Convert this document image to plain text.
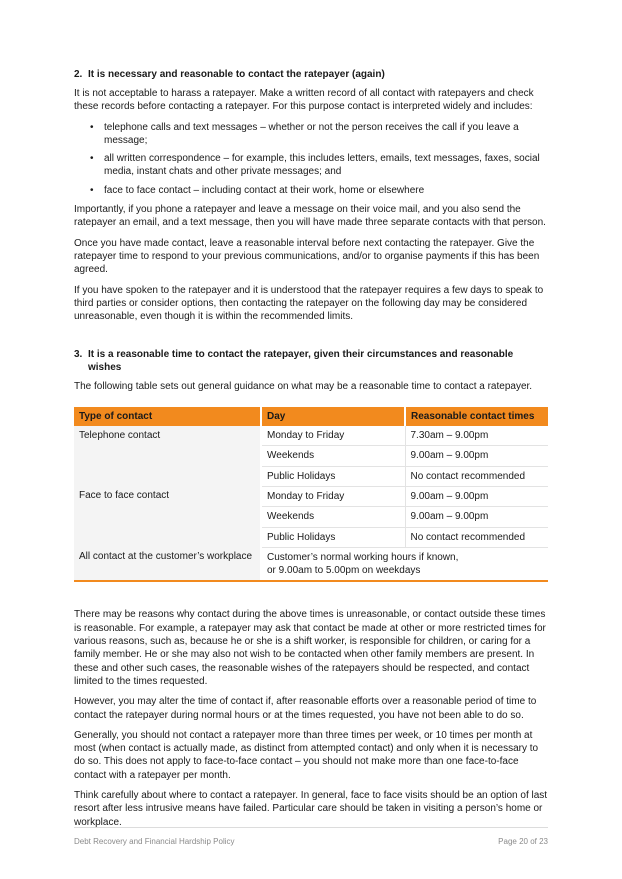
2. It is necessary and reasonable to contact the ratepayer (again)

It is not acceptable to harass a ratepayer. Make a written record of all contact with ratepayers and check these records before contacting a ratepayer. For this purpose contact is interpreted widely and includes:

• telephone calls and text messages – whether or not the person receives the call if you leave a message;
• all written correspondence – for example, this includes letters, emails, text messages, faxes, social media, instant chats and other private messages; and
• face to face contact – including contact at their work, home or elsewhere

Importantly, if you phone a ratepayer and leave a message on their voice mail, and you also send the ratepayer an email, and a text message, then you will have made three separate contacts with that person.

Once you have made contact, leave a reasonable interval before next contacting the ratepayer. Give the ratepayer time to respond to your previous communications, and/or to organise payments if this has been agreed.

If you have spoken to the ratepayer and it is understood that the ratepayer requires a few days to speak to third parties or consider options, then contacting the ratepayer on the following day may be considered unreasonable, even though it is within the recommended limits.

3. It is a reasonable time to contact the ratepayer, given their circumstances and reasonable wishes

The following table sets out general guidance on what may be a reasonable time to contact a ratepayer.

Type of contact	Day	Reasonable contact times
Telephone contact	Monday to Friday	7.30am – 9.00pm
	Weekends	9.00am – 9.00pm
	Public Holidays	No contact recommended
Face to face contact	Monday to Friday	9.00am – 9.00pm
	Weekends	9.00am – 9.00pm
	Public Holidays	No contact recommended
All contact at the customer’s workplace	Customer’s normal working hours if known,
or 9.00am to 5.00pm on weekdays	

There may be reasons why contact during the above times is unreasonable, or contact outside these times is reasonable. For example, a ratepayer may ask that contact be made at other or more restricted times for various reasons, such as, because he or she is a shift worker, is responsible for children, or caring for a family member. He or she may also not wish to be contacted when other family members are present. In these and other such cases, the reasonable wishes of the ratepayers should be respected, and contact limited to the times requested.

However, you may alter the time of contact if, after reasonable efforts over a reasonable period of time to contact the ratepayer during normal hours or at the times requested, you have not been able to do so.

Generally, you should not contact a ratepayer more than three times per week, or 10 times per month at most (when contact is actually made, as distinct from attempted contact) and only when it is necessary to do so. This does not apply to face-to-face contact – you should not make more than one face-to-face contact with a ratepayer per month.

Think carefully about where to contact a ratepayer. In general, face to face visits should be an option of last resort after less intrusive means have failed. Particular care should be taken in visiting a person’s home or workplace.

Debt Recovery and Financial Hardship Policy	Page 20 of 23
